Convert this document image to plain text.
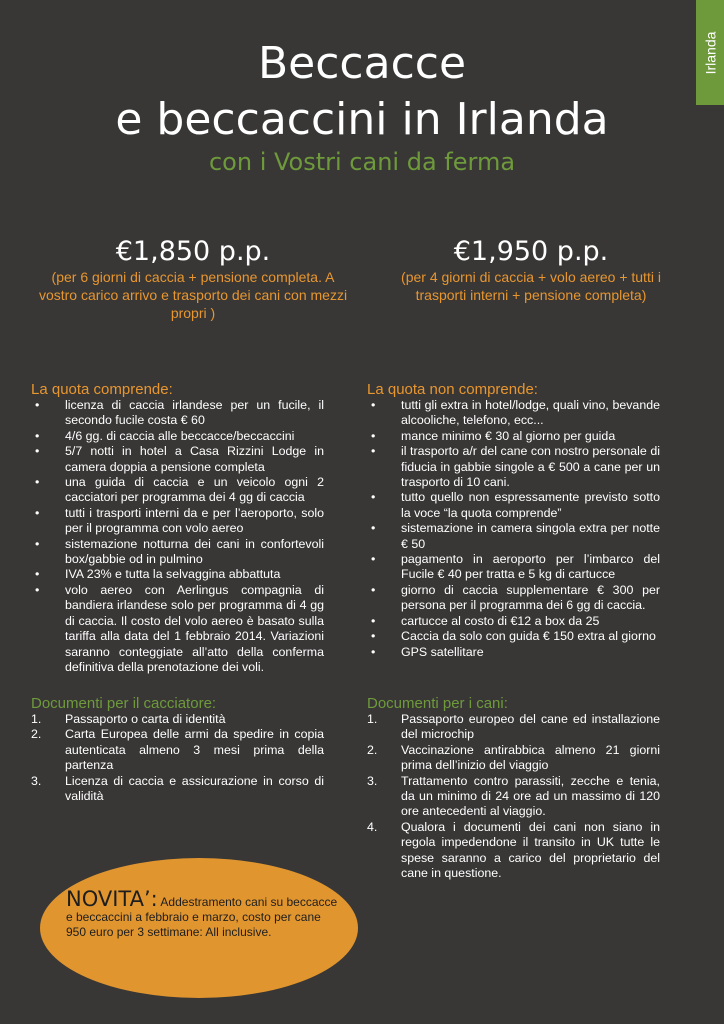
Irlanda
Beccacce
e beccaccini in Irlanda
con i Vostri cani da ferma
€1,850 p.p.
(per 6 giorni di caccia + pensione completa. A vostro carico arrivo e trasporto dei cani con mezzi propri )
€1,950 p.p.
(per 4 giorni di caccia + volo aereo + tutti i trasporti interni + pensione completa)
La quota comprende:
• licenza di caccia irlandese per un fucile, il secondo fucile costa € 60
• 4/6 gg. di caccia alle beccacce/beccaccini
• 5/7 notti in hotel a Casa Rizzini Lodge in camera doppia a pensione completa
• una guida di caccia e un veicolo ogni 2 cacciatori per programma dei 4 gg di caccia
• tutti i trasporti interni da e per l’aeroporto, solo per il programma con volo aereo
• sistemazione notturna dei cani in confortevoli box/gabbie od in pulmino
• IVA 23% e tutta la selvaggina abbattuta
• volo aereo con Aerlingus compagnia di bandiera irlandese solo per programma di 4 gg di caccia. Il costo del volo aereo è basato sulla tariffa alla data del 1 febbraio 2014. Variazioni saranno conteggiate all’atto della conferma definitiva della prenotazione dei voli.
La quota non comprende:
• tutti gli extra in hotel/lodge, quali vino, bevande alcooliche, telefono, ecc...
• mance minimo € 30 al giorno per guida
• il trasporto a/r del cane con nostro personale di fiducia in gabbie singole a € 500 a cane per un trasporto di 10 cani.
• tutto quello non espressamente previsto sotto la voce “la quota comprende”
• sistemazione in camera singola extra per notte € 50
• pagamento in aeroporto per l’imbarco del Fucile € 40 per tratta e 5 kg di cartucce
• giorno di caccia supplementare € 300 per persona per il programma dei 6 gg di caccia.
• cartucce al costo di €12 a box da 25
• Caccia da solo con guida € 150 extra al giorno
• GPS satellitare
Documenti per il cacciatore:
1. Passaporto o carta di identità
2. Carta Europea delle armi da spedire in copia autenticata almeno 3 mesi prima della partenza
3. Licenza di caccia e assicurazione in corso di validità
Documenti per i cani:
1. Passaporto europeo del cane ed installazione del microchip
2. Vaccinazione antirabbica almeno 21 giorni prima dell’inizio del viaggio
3. Trattamento contro parassiti, zecche e tenia, da un minimo di 24 ore ad un massimo di 120 ore antecedenti al viaggio.
4. Qualora i documenti dei cani non siano in regola impedendone il transito in UK tutte le spese saranno a carico del proprietario del cane in questione.
NOVITA’: Addestramento cani su beccacce e beccaccini a febbraio e marzo, costo per cane 950 euro per 3 settimane: All inclusive.
